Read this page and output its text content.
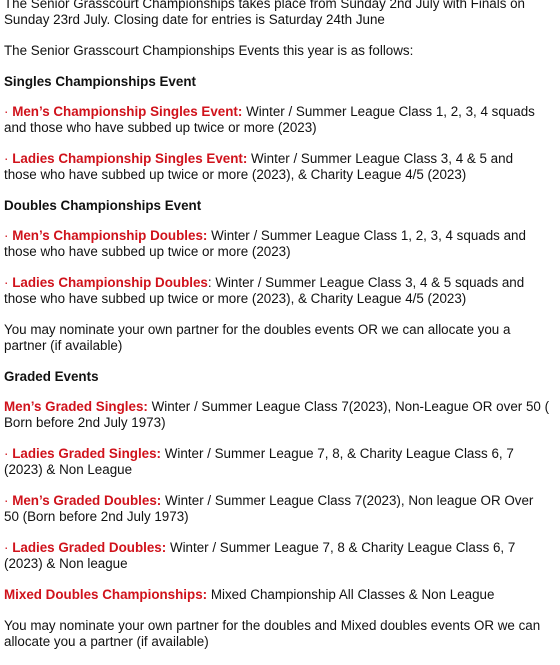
The Senior Grasscourt Championships takes place from Sunday 2nd July with Finals on
Sunday 23rd July. Closing date for entries is Saturday 24th June
The Senior Grasscourt Championships Events this year is as follows:
Singles Championships Event
· Men’s Championship Singles Event: Winter / Summer League Class 1, 2, 3, 4 squads
and those who have subbed up twice or more (2023)
· Ladies Championship Singles Event: Winter / Summer League Class 3, 4 & 5 and
those who have subbed up twice or more (2023), & Charity League 4/5 (2023)
Doubles Championships Event
· Men’s Championship Doubles: Winter / Summer League Class 1, 2, 3, 4 squads and
those who have subbed up twice or more (2023)
· Ladies Championship Doubles: Winter / Summer League Class 3, 4 & 5 squads and
those who have subbed up twice or more (2023), & Charity League 4/5 (2023)
You may nominate your own partner for the doubles events OR we can allocate you a
partner (if available)
Graded Events
Men’s Graded Singles: Winter / Summer League Class 7(2023), Non-League OR over 50 (
Born before 2nd July 1973)
· Ladies Graded Singles: Winter / Summer League 7, 8, & Charity League Class 6, 7
(2023) & Non League
· Men’s Graded Doubles: Winter / Summer League Class 7(2023), Non league OR Over
50 (Born before 2nd July 1973)
· Ladies Graded Doubles: Winter / Summer League 7, 8 & Charity League Class 6, 7
(2023) & Non league
Mixed Doubles Championships: Mixed Championship All Classes & Non League
You may nominate your own partner for the doubles and Mixed doubles events OR we can
allocate you a partner (if available)
